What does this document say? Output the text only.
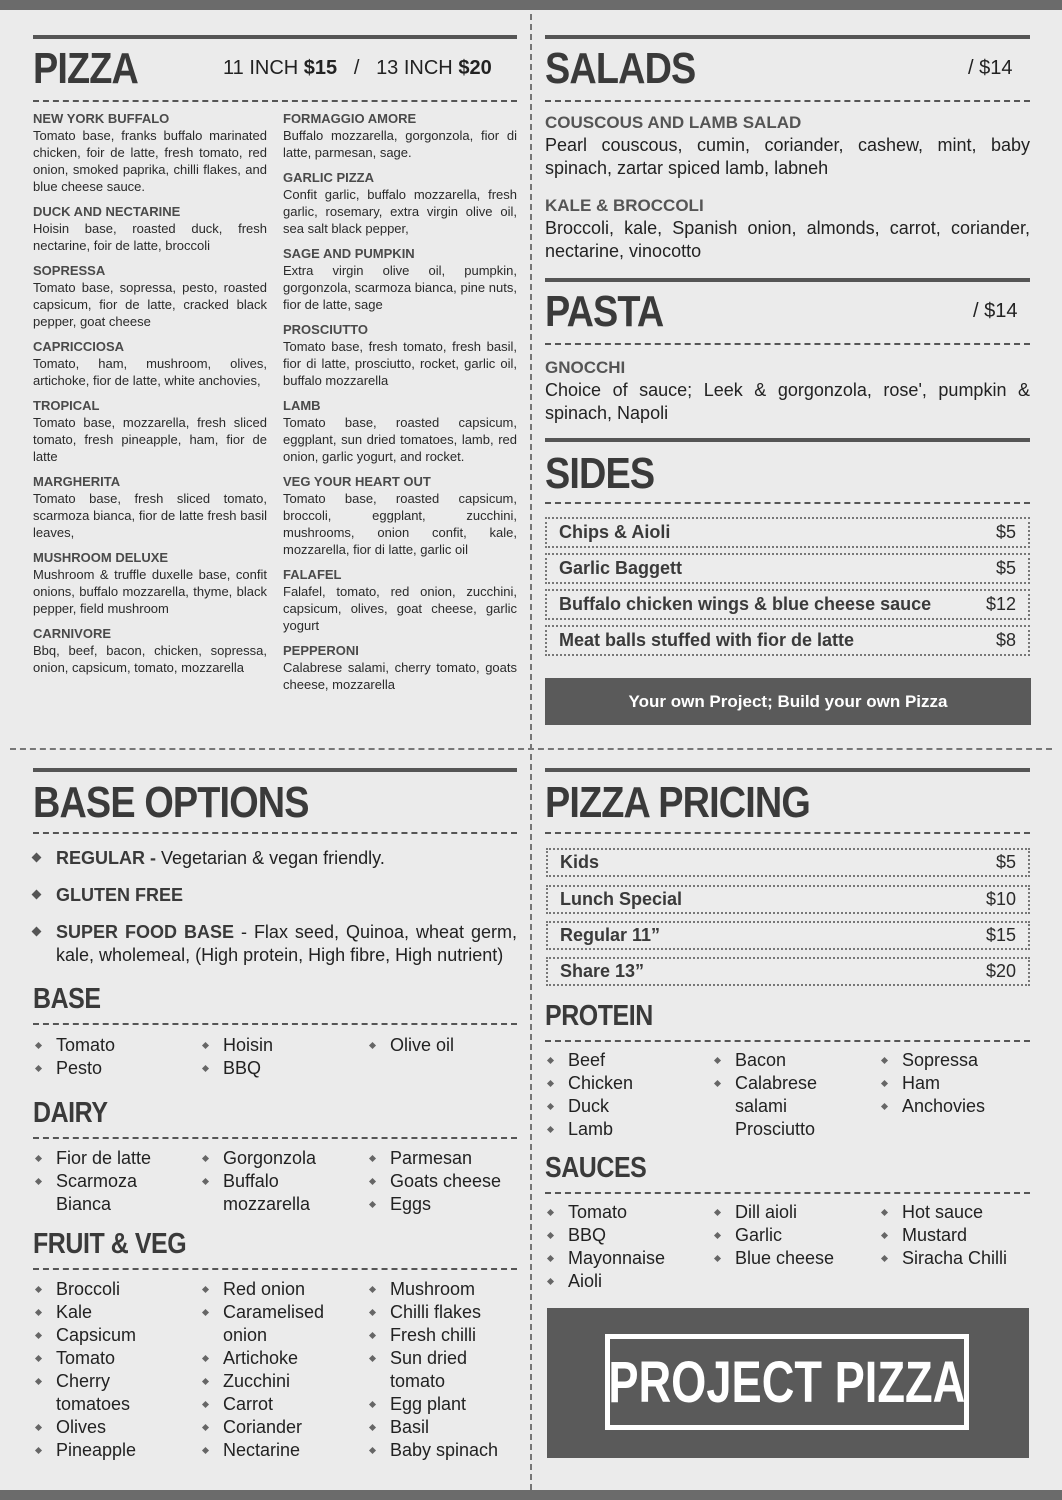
PIZZA	11 INCH $15 / 13 INCH $20
NEW YORK BUFFALO
Tomato base, franks buffalo marinated chicken, foir de latte, fresh tomato, red onion, smoked paprika, chilli flakes, and blue cheese sauce.
DUCK AND NECTARINE
Hoisin base, roasted duck, fresh nectarine, foir de latte, broccoli
SOPRESSA
Tomato base, sopressa, pesto, roasted capsicum, fior de latte, cracked black pepper, goat cheese
CAPRICCIOSA
Tomato, ham, mushroom, olives, artichoke, fior de latte, white anchovies,
TROPICAL
Tomato base, mozzarella, fresh sliced tomato, fresh pineapple, ham, fior de latte
MARGHERITA
Tomato base, fresh sliced tomato, scarmoza bianca, fior de latte fresh basil leaves,
MUSHROOM DELUXE
Mushroom & truffle duxelle base, confit onions, buffalo mozzarella, thyme, black pepper, field mushroom
CARNIVORE
Bbq, beef, bacon, chicken, sopressa, onion, capsicum, tomato, mozzarella
FORMAGGIO AMORE
Buffalo mozzarella, gorgonzola, fior di latte, parmesan, sage.
GARLIC PIZZA
Confit garlic, buffalo mozzarella, fresh garlic, rosemary, extra virgin olive oil, sea salt black pepper,
SAGE AND PUMPKIN
Extra virgin olive oil, pumpkin, gorgonzola, scarmoza bianca, pine nuts, fior de latte, sage
PROSCIUTTO
Tomato base, fresh tomato, fresh basil, fior di latte, prosciutto, rocket, garlic oil, buffalo mozzarella
LAMB
Tomato base, roasted capsicum, eggplant, sun dried tomatoes, lamb, red onion, garlic yogurt, and rocket.
VEG YOUR HEART OUT
Tomato base, roasted capsicum, broccoli, eggplant, zucchini, mushrooms, onion confit, kale, mozzarella, fior di latte, garlic oil
FALAFEL
Falafel, tomato, red onion, zucchini, capsicum, olives, goat cheese, garlic yogurt
PEPPERONI
Calabrese salami, cherry tomato, goats cheese, mozzarella
SALADS	/ $14
COUSCOUS AND LAMB SALAD
Pearl couscous, cumin, coriander, cashew, mint, baby spinach, zartar spiced lamb, labneh
KALE & BROCCOLI
Broccoli, kale, Spanish onion, almonds, carrot, coriander, nectarine, vinocotto
PASTA	/ $14
GNOCCHI
Choice of sauce; Leek & gorgonzola, rose', pumpkin & spinach, Napoli
SIDES
Chips & Aioli	$5
Garlic Baggett	$5
Buffalo chicken wings & blue cheese sauce	$12
Meat balls stuffed with fior de latte	$8
Your own Project; Build your own Pizza
BASE OPTIONS
REGULAR - Vegetarian & vegan friendly.
GLUTEN FREE
SUPER FOOD BASE - Flax seed, Quinoa, wheat germ, kale, wholemeal, (High protein, High fibre, High nutrient)
BASE
Tomato
Pesto
Hoisin
BBQ
Olive oil
DAIRY
Fior de latte
Scarmoza
Bianca
Gorgonzola
Buffalo
mozzarella
Parmesan
Goats cheese
Eggs
FRUIT & VEG
Broccoli
Kale
Capsicum
Tomato
Cherry
tomatoes
Olives
Pineapple
Red onion
Caramelised
onion
Artichoke
Zucchini
Carrot
Coriander
Nectarine
Mushroom
Chilli flakes
Fresh chilli
Sun dried
tomato
Egg plant
Basil
Baby spinach
PIZZA PRICING
Kids	$5
Lunch Special	$10
Regular 11”	$15
Share 13”	$20
PROTEIN
Beef
Chicken
Duck
Lamb
Bacon
Calabrese
salami
Prosciutto
Sopressa
Ham
Anchovies
SAUCES
Tomato
BBQ
Mayonnaise
Aioli
Dill aioli
Garlic
Blue cheese
Hot sauce
Mustard
Siracha Chilli
PROJECT PIZZA
